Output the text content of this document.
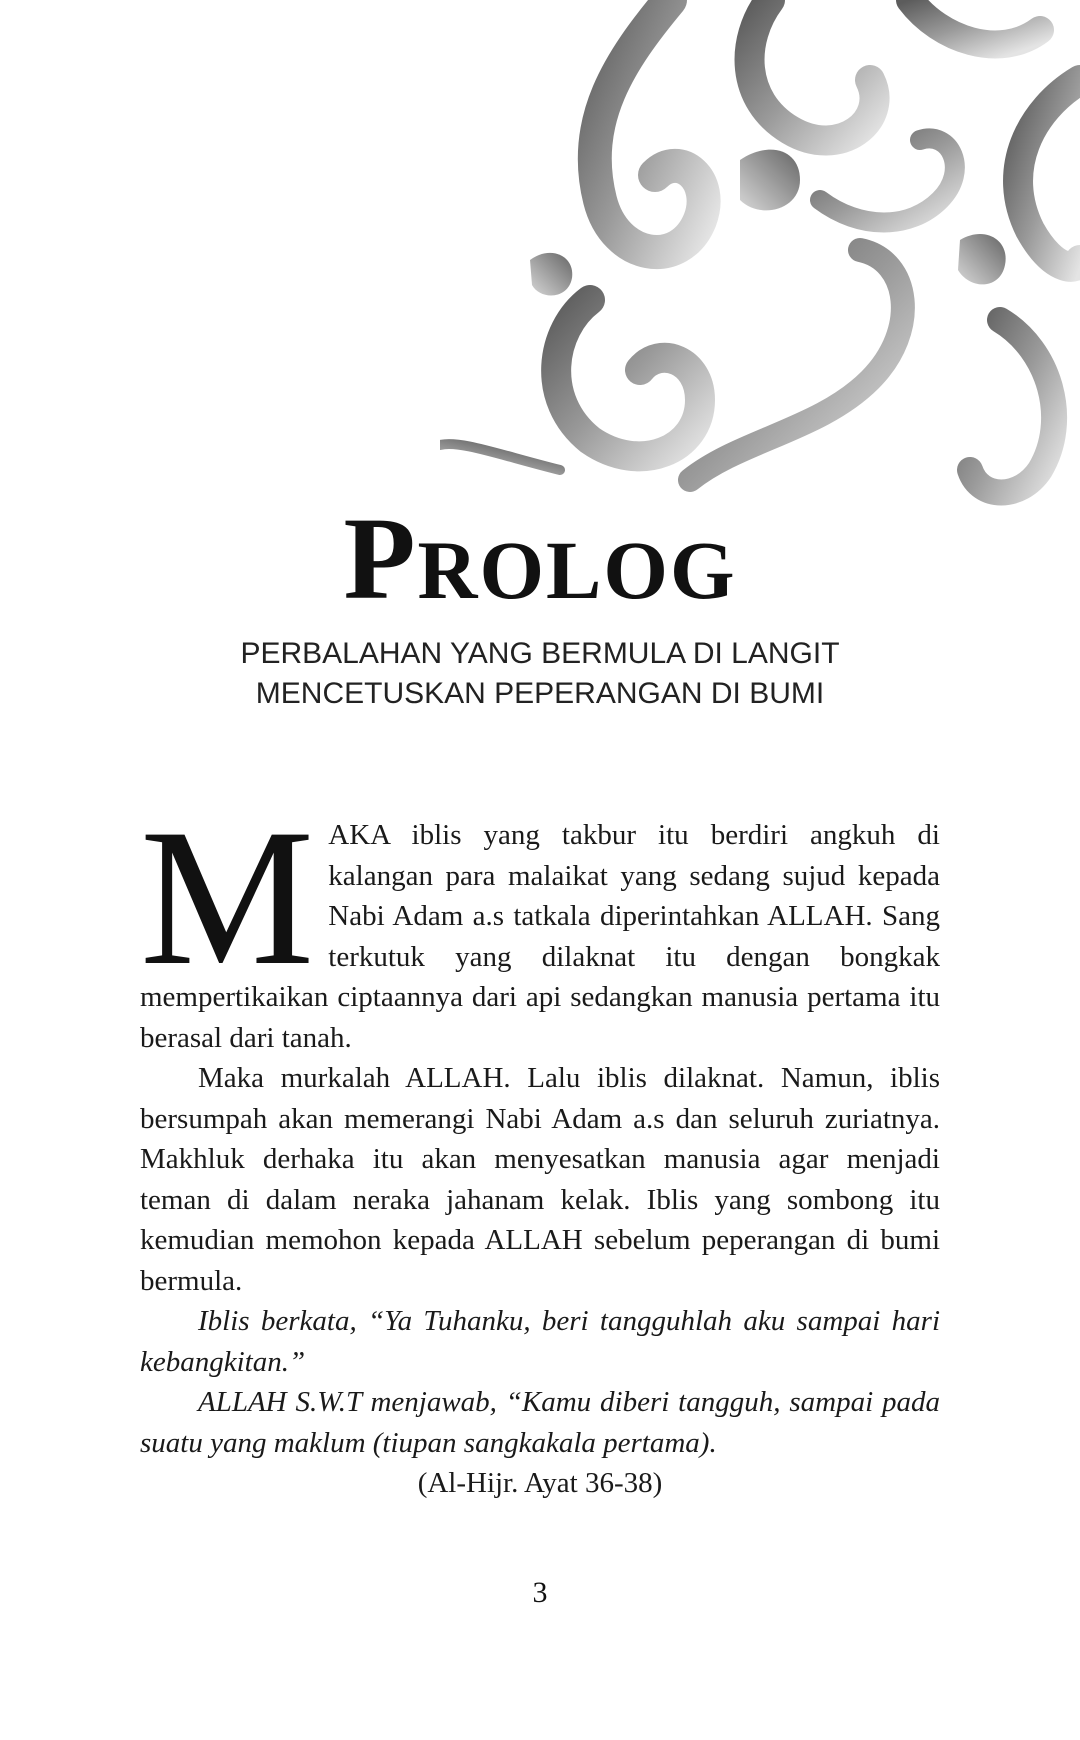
Prolog
PERBALAHAN YANG BERMULA DI LANGIT
MENCETUSKAN PEPERANGAN DI BUMI

M AKA iblis yang takbur itu berdiri angkuh di kalangan para malaikat yang sedang sujud kepada Nabi Adam a.s tatkala diperintahkan ALLAH. Sang terkutuk yang dilaknat itu dengan bongkak mempertikaikan ciptaannya dari api sedangkan manusia pertama itu berasal dari tanah.

Maka murkalah ALLAH. Lalu iblis dilaknat. Namun, iblis bersumpah akan memerangi Nabi Adam a.s dan seluruh zuriatnya. Makhluk derhaka itu akan menyesatkan manusia agar menjadi teman di dalam neraka jahanam kelak. Iblis yang sombong itu kemudian memohon kepada ALLAH sebelum peperangan di bumi bermula.

Iblis berkata, “Ya Tuhanku, beri tangguhlah aku sampai hari kebangkitan.”

ALLAH S.W.T menjawab, “Kamu diberi tangguh, sampai pada suatu yang maklum (tiupan sangkakala pertama).

(Al-Hijr. Ayat 36-38)

3
